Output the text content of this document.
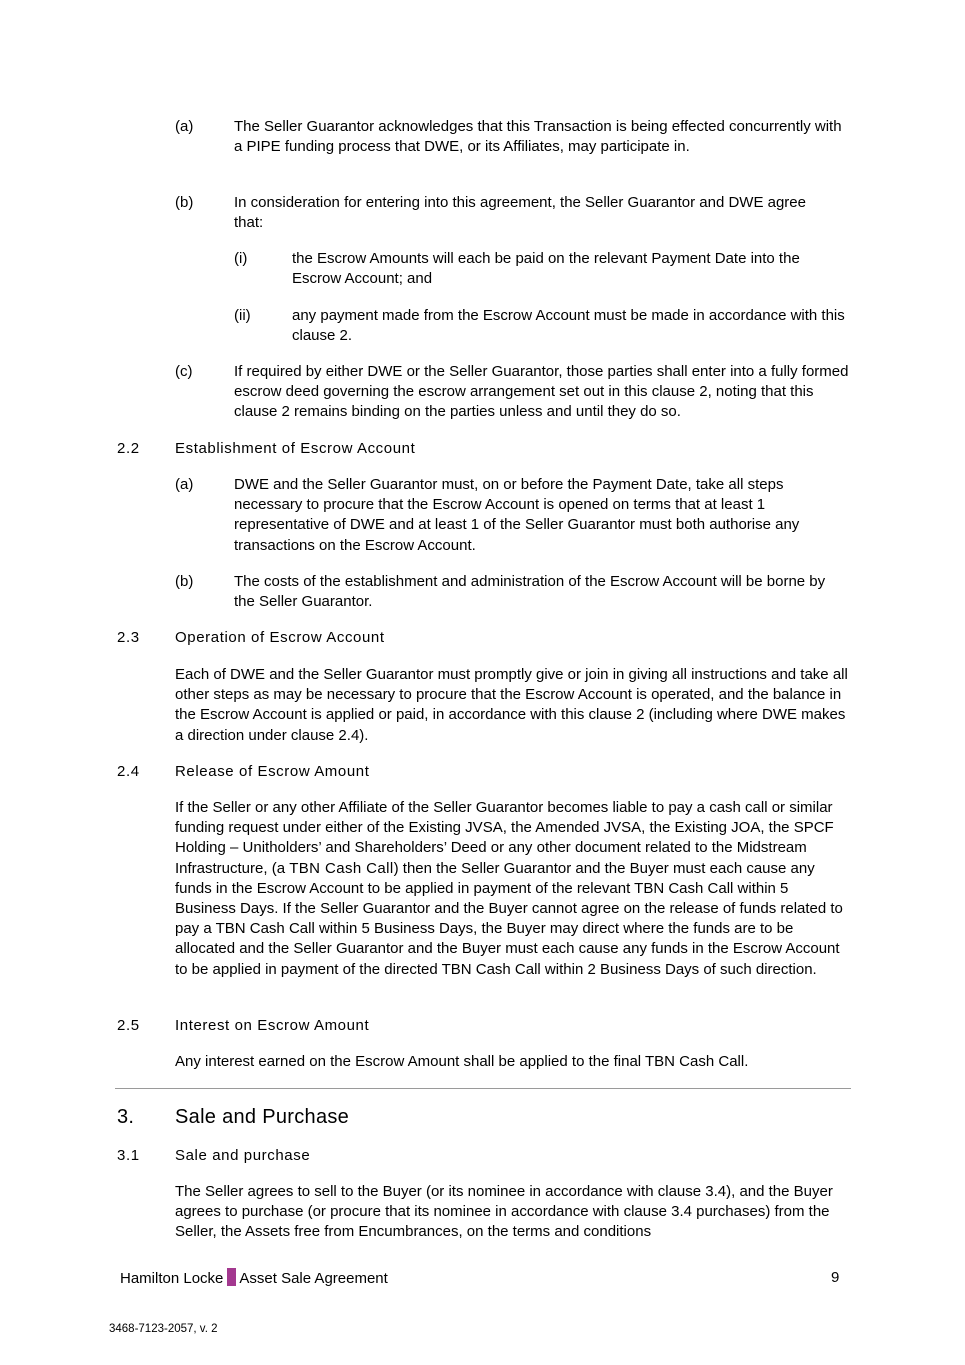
(a)	The Seller Guarantor acknowledges that this Transaction is being effected concurrently with a PIPE funding process that DWE, or its Affiliates, may participate in.
(b)	In consideration for entering into this agreement, the Seller Guarantor and DWE agree that:
(i)	the Escrow Amounts will each be paid on the relevant Payment Date into the Escrow Account; and
(ii)	any payment made from the Escrow Account must be made in accordance with this clause 2.
(c)	If required by either DWE or the Seller Guarantor, those parties shall enter into a fully formed escrow deed governing the escrow arrangement set out in this clause 2, noting that this clause 2 remains binding on the parties unless and until they do so.
2.2 Establishment of Escrow Account
(a)	DWE and the Seller Guarantor must, on or before the Payment Date, take all steps necessary to procure that the Escrow Account is opened on terms that at least 1 representative of DWE and at least 1 of the Seller Guarantor must both authorise any transactions on the Escrow Account.
(b)	The costs of the establishment and administration of the Escrow Account will be borne by the Seller Guarantor.
2.3 Operation of Escrow Account
Each of DWE and the Seller Guarantor must promptly give or join in giving all instructions and take all other steps as may be necessary to procure that the Escrow Account is operated, and the balance in the Escrow Account is applied or paid, in accordance with this clause 2 (including where DWE makes a direction under clause 2.4).
2.4 Release of Escrow Amount
If the Seller or any other Affiliate of the Seller Guarantor becomes liable to pay a cash call or similar funding request under either of the Existing JVSA, the Amended JVSA, the Existing JOA, the SPCF Holding – Unitholders’ and Shareholders’ Deed or any other document related to the Midstream Infrastructure, (a TBN Cash Call) then the Seller Guarantor and the Buyer must each cause any funds in the Escrow Account to be applied in payment of the relevant TBN Cash Call within 5 Business Days. If the Seller Guarantor and the Buyer cannot agree on the release of funds related to pay a TBN Cash Call within 5 Business Days, the Buyer may direct where the funds are to be allocated and the Seller Guarantor and the Buyer must each cause any funds in the Escrow Account to be applied in payment of the directed TBN Cash Call within 2 Business Days of such direction.
2.5 Interest on Escrow Amount
Any interest earned on the Escrow Amount shall be applied to the final TBN Cash Call.
3. Sale and Purchase
3.1 Sale and purchase
The Seller agrees to sell to the Buyer (or its nominee in accordance with clause 3.4), and the Buyer agrees to purchase (or procure that its nominee in accordance with clause 3.4 purchases) from the Seller, the Assets free from Encumbrances, on the terms and conditions
Hamilton Locke Asset Sale Agreement	9
3468-7123-2057, v. 2
